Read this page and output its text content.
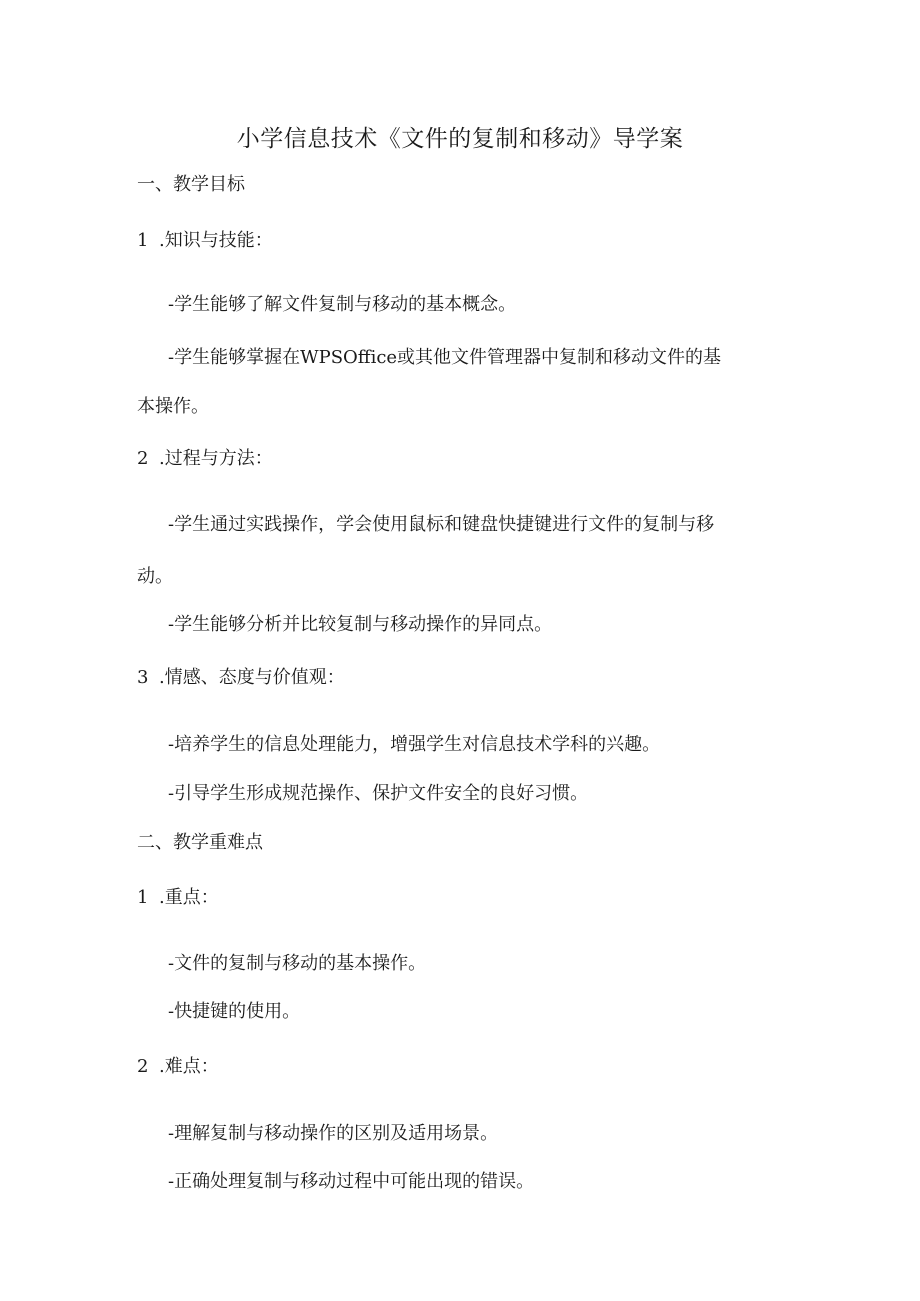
小学信息技术《文件的复制和移动》导学案

一、教学目标

1 .知识与技能：

-学生能够了解文件复制与移动的基本概念。

-学生能够掌握在WPSOffice或其他文件管理器中复制和移动文件的基

本操作。

2 .过程与方法：

-学生通过实践操作，学会使用鼠标和键盘快捷键进行文件的复制与移

动。

-学生能够分析并比较复制与移动操作的异同点。

3 .情感、态度与价值观：

-培养学生的信息处理能力，增强学生对信息技术学科的兴趣。

-引导学生形成规范操作、保护文件安全的良好习惯。

二、教学重难点

1 .重点：

-文件的复制与移动的基本操作。

-快捷键的使用。

2 .难点：

-理解复制与移动操作的区别及适用场景。

-正确处理复制与移动过程中可能出现的错误。
